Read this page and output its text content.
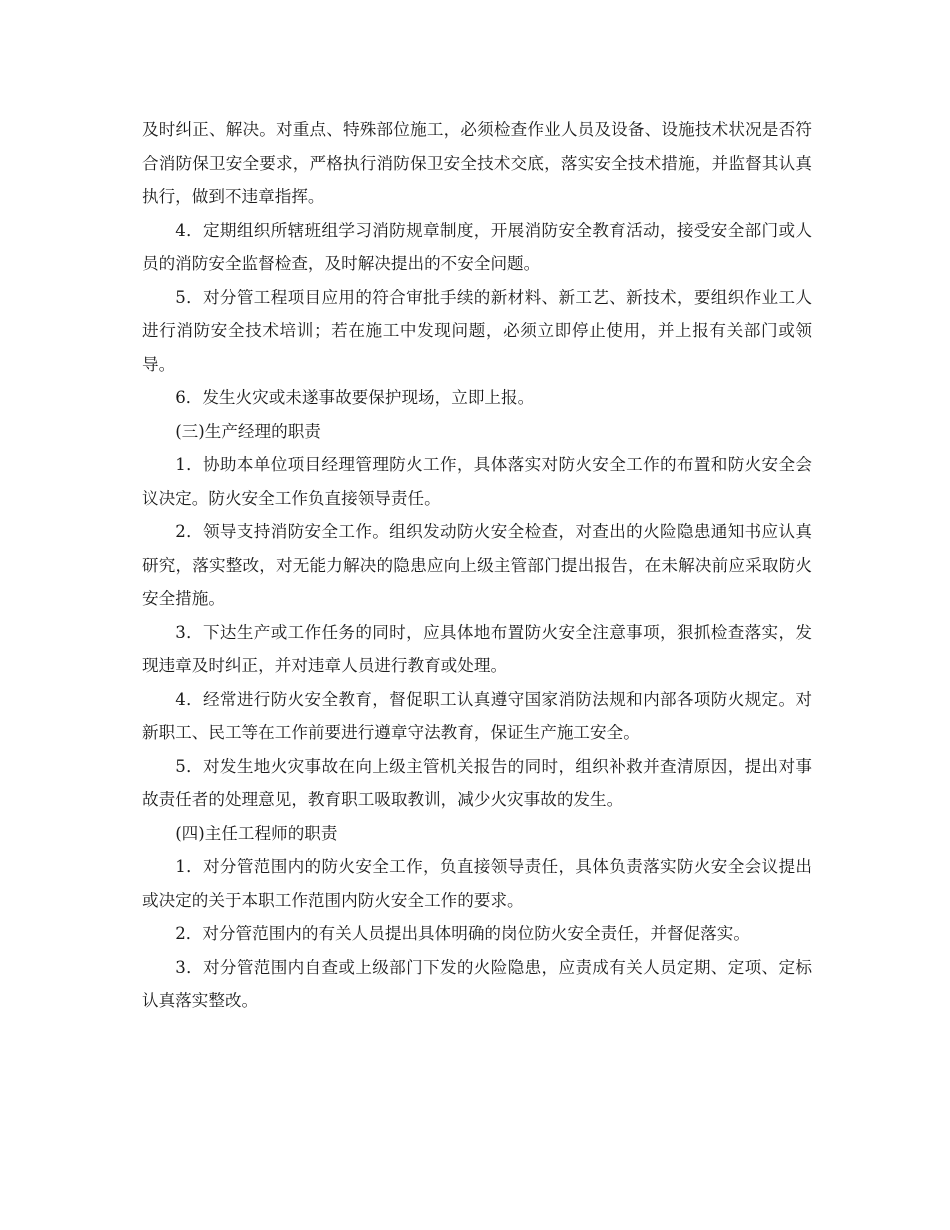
及时纠正、解决。对重点、特殊部位施工，必须检查作业人员及设备、设施技术状况是否符合消防保卫安全要求，严格执行消防保卫安全技术交底，落实安全技术措施，并监督其认真执行，做到不违章指挥。

4．定期组织所辖班组学习消防规章制度，开展消防安全教育活动，接受安全部门或人员的消防安全监督检查，及时解决提出的不安全问题。

5．对分管工程项目应用的符合审批手续的新材料、新工艺、新技术，要组织作业工人进行消防安全技术培训；若在施工中发现问题，必须立即停止使用，并上报有关部门或领导。

6．发生火灾或未遂事故要保护现场，立即上报。

(三)生产经理的职责

1．协助本单位项目经理管理防火工作，具体落实对防火安全工作的布置和防火安全会议决定。防火安全工作负直接领导责任。

2．领导支持消防安全工作。组织发动防火安全检查，对查出的火险隐患通知书应认真研究，落实整改，对无能力解决的隐患应向上级主管部门提出报告，在未解决前应采取防火安全措施。

3．下达生产或工作任务的同时，应具体地布置防火安全注意事项，狠抓检查落实，发现违章及时纠正，并对违章人员进行教育或处理。

4．经常进行防火安全教育，督促职工认真遵守国家消防法规和内部各项防火规定。对新职工、民工等在工作前要进行遵章守法教育，保证生产施工安全。

5．对发生地火灾事故在向上级主管机关报告的同时，组织补救并查清原因，提出对事故责任者的处理意见，教育职工吸取教训，减少火灾事故的发生。

(四)主任工程师的职责

1．对分管范围内的防火安全工作，负直接领导责任，具体负责落实防火安全会议提出或决定的关于本职工作范围内防火安全工作的要求。

2．对分管范围内的有关人员提出具体明确的岗位防火安全责任，并督促落实。

3．对分管范围内自查或上级部门下发的火险隐患，应责成有关人员定期、定项、定标认真落实整改。
